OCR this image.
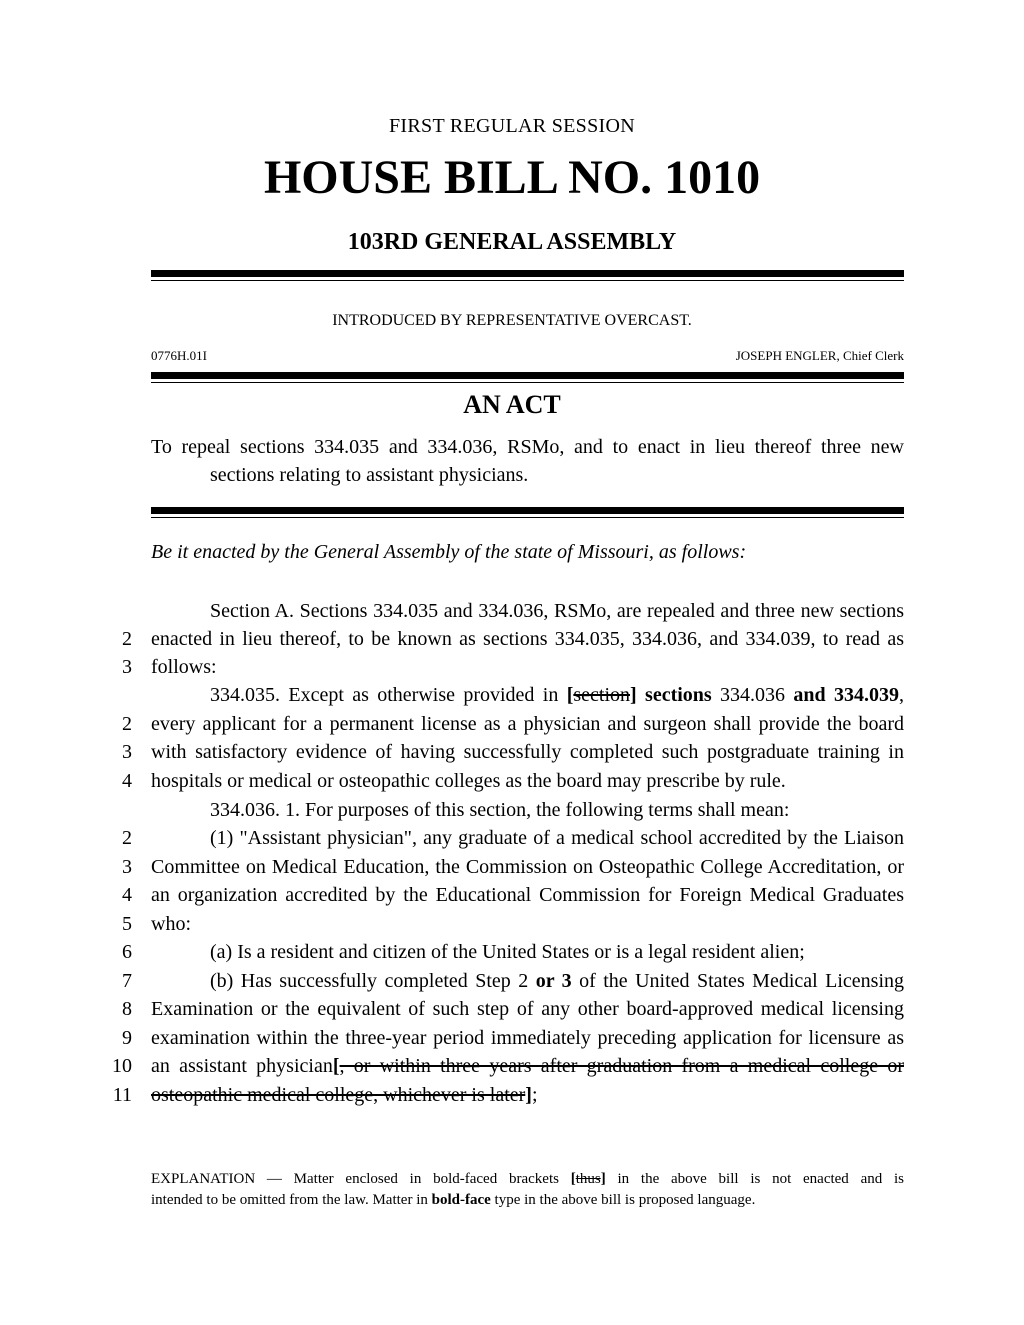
FIRST REGULAR SESSION
HOUSE BILL NO. 1010
103RD GENERAL ASSEMBLY
INTRODUCED BY REPRESENTATIVE OVERCAST.
0776H.01I	JOSEPH ENGLER, Chief Clerk
AN ACT
To repeal sections 334.035 and 334.036, RSMo, and to enact in lieu thereof three new
sections relating to assistant physicians.
Be it enacted by the General Assembly of the state of Missouri, as follows:
Section A. Sections 334.035 and 334.036, RSMo, are repealed and three new sections
2 enacted in lieu thereof, to be known as sections 334.035, 334.036, and 334.039, to read as
3 follows:
334.035. Except as otherwise provided in [section] sections 334.036 and 334.039,
2 every applicant for a permanent license as a physician and surgeon shall provide the board
3 with satisfactory evidence of having successfully completed such postgraduate training in
4 hospitals or medical or osteopathic colleges as the board may prescribe by rule.
334.036. 1. For purposes of this section, the following terms shall mean:
2	(1) "Assistant physician", any graduate of a medical school accredited by the Liaison
3 Committee on Medical Education, the Commission on Osteopathic College Accreditation, or
4 an organization accredited by the Educational Commission for Foreign Medical Graduates
5 who:
6	(a) Is a resident and citizen of the United States or is a legal resident alien;
7	(b) Has successfully completed Step 2 or 3 of the United States Medical Licensing
8 Examination or the equivalent of such step of any other board-approved medical licensing
9 examination within the three-year period immediately preceding application for licensure as
10 an assistant physician[, or within three years after graduation from a medical college or
11 osteopathic medical college, whichever is later];
EXPLANATION — Matter enclosed in bold-faced brackets [thus] in the above bill is not enacted and is
intended to be omitted from the law. Matter in bold-face type in the above bill is proposed language.
